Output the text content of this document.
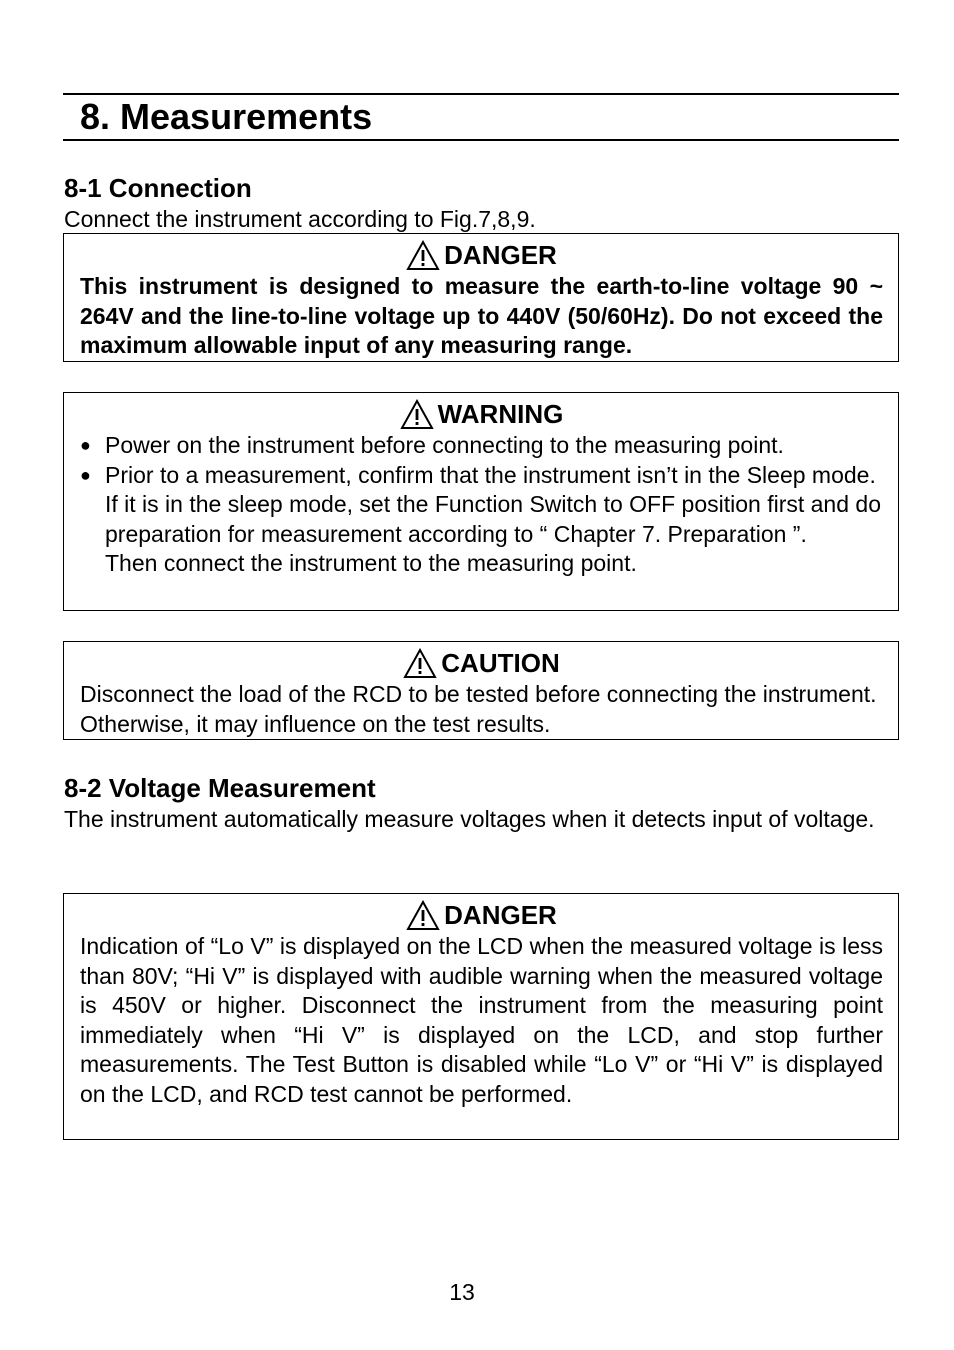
8. Measurements
8-1 Connection

Connect the instrument according to Fig.7,8,9.

DANGER

This instrument is designed to measure the earth-to-line voltage 90 ~ 264V and the line-to-line voltage up to 440V (50/60Hz). Do not exceed the maximum allowable input of any measuring range.

WARNING
● Power on the instrument before connecting to the measuring point.
● Prior to a measurement, confirm that the instrument isn’t in the Sleep mode. If it is in the sleep mode, set the Function Switch to OFF position first and do preparation for measurement according to “ Chapter 7. Preparation ”.
Then connect the instrument to the measuring point.
CAUTION

Disconnect the load of the RCD to be tested before connecting the instrument. Otherwise, it may influence on the test results.

8-2 Voltage Measurement

The instrument automatically measure voltages when it detects input of voltage.

DANGER

Indication of “Lo V” is displayed on the LCD when the measured voltage is less than 80V; “Hi V” is displayed with audible warning when the measured voltage is 450V or higher. Disconnect the instrument from the measuring point immediately when “Hi V” is displayed on the LCD, and stop further measurements. The Test Button is disabled while “Lo V” or “Hi V” is displayed on the LCD, and RCD test cannot be performed.

13
